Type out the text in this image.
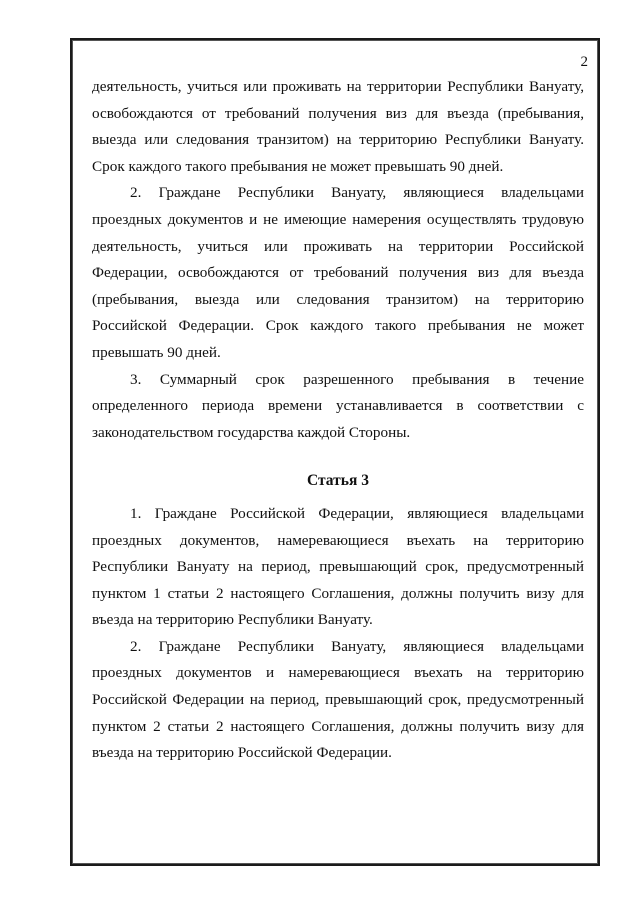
2

деятельность, учиться или проживать на территории Республики Вануату, освобождаются от требований получения виз для въезда (пребывания, выезда или следования транзитом) на территорию Республики Вануату. Срок каждого такого пребывания не может превышать 90 дней.

2. Граждане Республики Вануату, являющиеся владельцами проездных документов и не имеющие намерения осуществлять трудовую деятельность, учиться или проживать на территории Российской Федерации, освобождаются от требований получения виз для въезда (пребывания, выезда или следования транзитом) на территорию Российской Федерации. Срок каждого такого пребывания не может превышать 90 дней.

3. Суммарный срок разрешенного пребывания в течение определенного периода времени устанавливается в соответствии с законодательством государства каждой Стороны.

Статья 3

1. Граждане Российской Федерации, являющиеся владельцами проездных документов, намеревающиеся въехать на территорию Республики Вануату на период, превышающий срок, предусмотренный пунктом 1 статьи 2 настоящего Соглашения, должны получить визу для въезда на территорию Республики Вануату.

2. Граждане Республики Вануату, являющиеся владельцами проездных документов и намеревающиеся въехать на территорию Российской Федерации на период, превышающий срок, предусмотренный пунктом 2 статьи 2 настоящего Соглашения, должны получить визу для въезда на территорию Российской Федерации.
